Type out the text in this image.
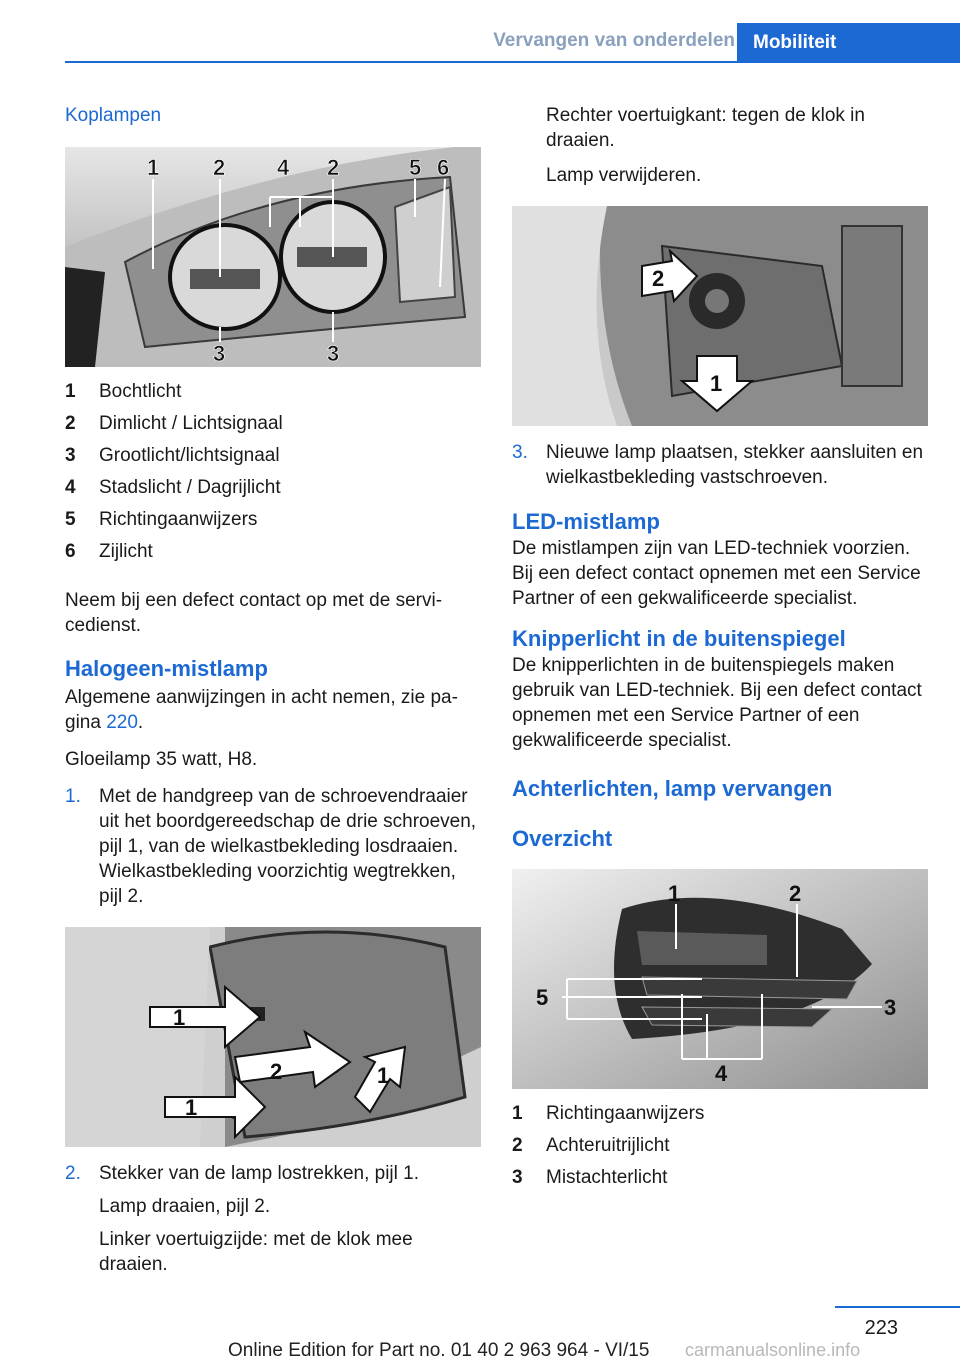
Vervangen van onderdelen Mobiliteit
Koplampen
1 2 4 2	5 6
3	3
1	Bochtlicht
2	Dimlicht / Lichtsignaal
3	Grootlicht/lichtsignaal
4	Stadslicht / Dagrijlicht
5	Richtingaanwijzers
6	Zijlicht

Neem bij een defect contact op met de servicedienst.

Halogeen-mistlamp

Algemene aanwijzingen in acht nemen, zie pagina 220.

Gloeilamp 35 watt, H8.

1. Met de handgreep van de schroevendraaier uit het boordgereedschap de drie schroeven, pijl 1, van de wielkastbekleding losdraaien. Wielkastbekleding voorzichtig wegtrekken, pijl 2.
1
2
1
1
2. Stekker van de lamp lostrekken, pijl 1.

Lamp draaien, pijl 2.

Linker voertuigzijde: met de klok mee draaien.

Rechter voertuigkant: tegen de klok in draaien.

Lamp verwijderen.

2
1
3. Nieuwe lamp plaatsen, stekker aansluiten en wielkastbekleding vastschroeven.
LED-mistlamp

De mistlampen zijn van LED-techniek voorzien. Bij een defect contact opnemen met een Service Partner of een gekwalificeerde specialist.

Knipperlicht in de buitenspiegel

De knipperlichten in de buitenspiegels maken gebruik van LED-techniek. Bij een defect contact opnemen met een Service Partner of een gekwalificeerde specialist.

Achterlichten, lamp vervangen
Overzicht
1	2
5	3
4
1	Richtingaanwijzers
2	Achteruitrijlicht
3	Mistachterlicht
223
Online Edition for Part no. 01 40 2 963 964 - VI/15 carmanualsonline.info
